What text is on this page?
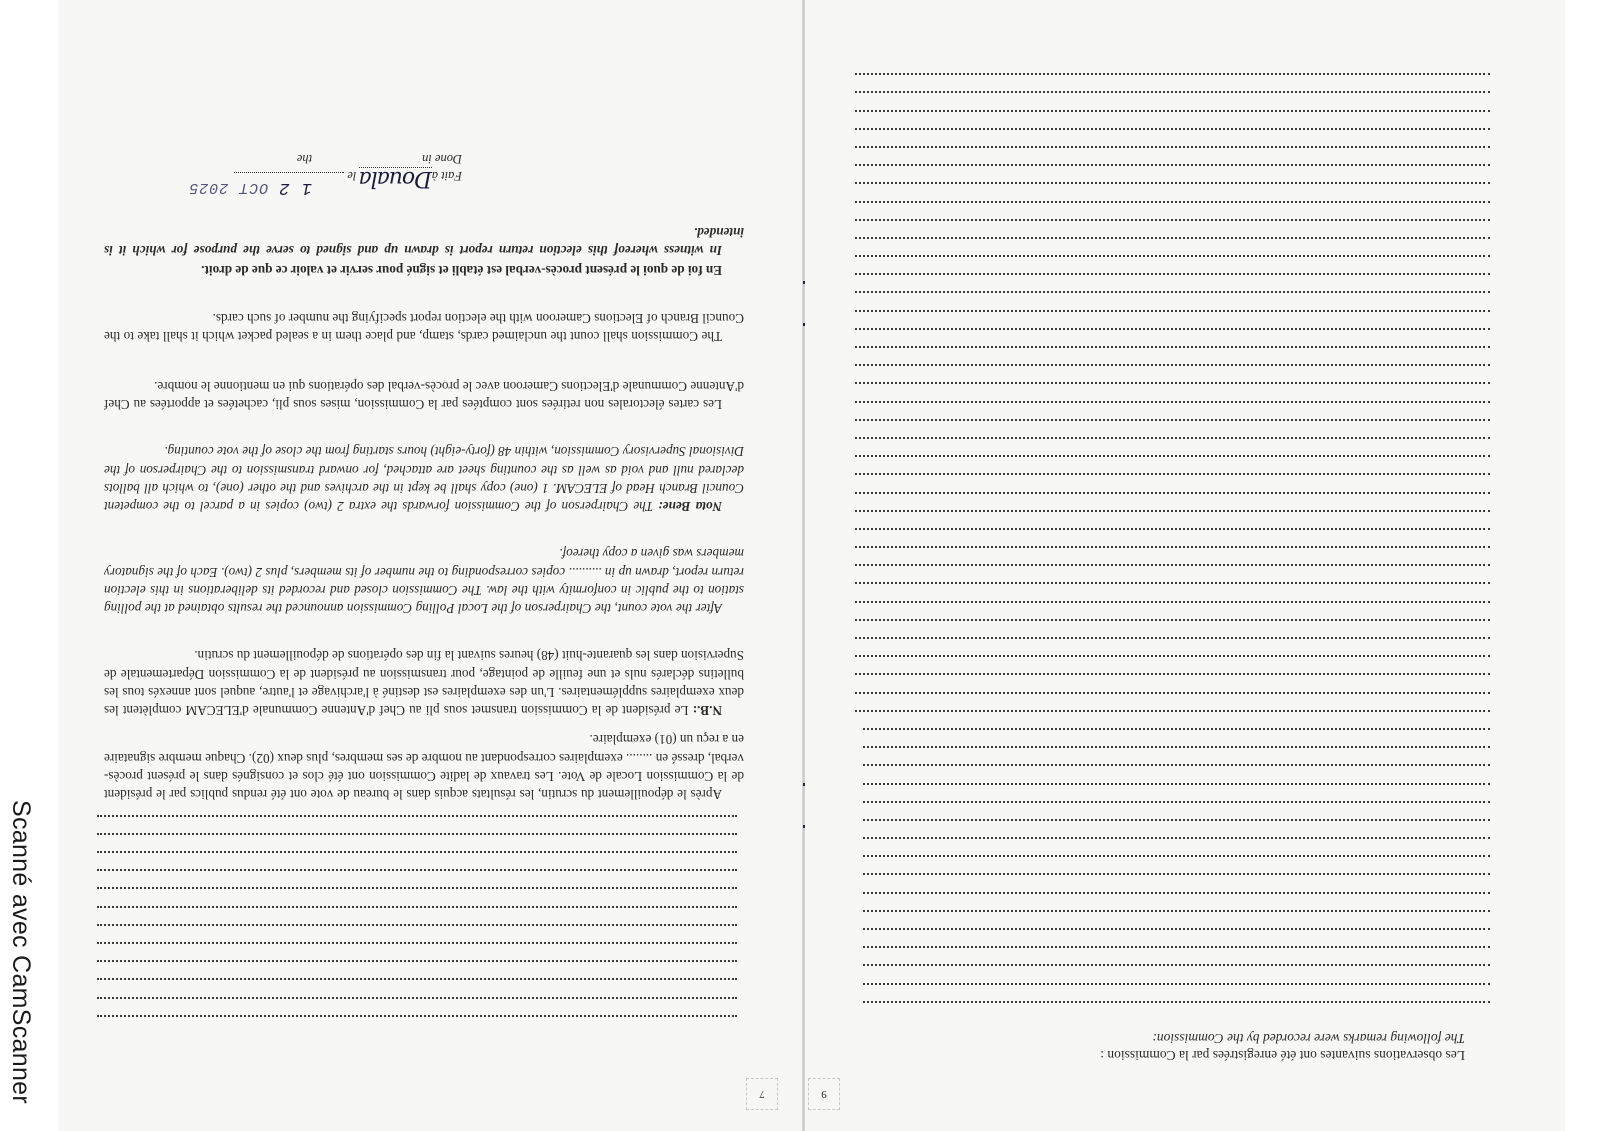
Scanné avec CamScanner	9
Les observations suivantes ont été enregistrées par la Commission :
The following remarks were recorded by the Commission:
7
Après le dépouillement du scrutin, les résultats acquis dans le bureau de vote ont été rendus publics par le président de la Commission Locale de Vote. Les travaux de ladite Commission ont été clos et consignés dans le présent procès-verbal, dressé en ........ exemplaires correspondant au nombre de ses membres, plus deux (02). Chaque membre signataire en a reçu un (01) exemplaire.
N.B.: Le président de la Commission transmet sous pli au Chef d'Antenne Communale d'ELECAM complètent les deux exemplaires supplémentaires. L'un des exemplaires est destiné à l'archivage et l'autre, auquel sont annexés tous les bulletins déclarés nuls et une feuille de pointage, pour transmission au président de la Commission Départementale de Supervision dans les quarante-huit (48) heures suivant la fin des opérations de dépouillement du scrutin.
After the vote count, the Chairperson of the Local Polling Commission announced the results obtained at the polling station to the public in conformity with the law. The Commission closed and recorded its deliberations in this election return report, drawn up in .......... copies corresponding to the number of its members, plus 2 (two). Each of the signatory members was given a copy thereof.
Nota Bene: The Chairperson of the Commission forwards the extra 2 (two) copies in a parcel to the competent Council Branch Head of ELECAM. 1 (one) copy shall be kept in the archives and the other (one), to which all ballots declared null and void as well as the counting sheet are attached, for onward transmission to the Chairperson of the Divisional Supervisory Commission, within 48 (forty-eight) hours starting from the close of the vote counting.
Les cartes électorales non retirées sont comptées par la Commission, mises sous pli, cachetées et apportées au Chef d'Antenne Communale d'Elections Cameroon avec le procès-verbal des opérations qui en mentionne le nombre.
The Commission shall count the unclaimed cards, stamp, and place them in a sealed packet which it shall take to the Council Branch of Elections Cameroon with the election report specifying the number of such cards.
En foi de quoi le présent procès-verbal est établi et signé pour servir et valoir ce que de droit.
In witness whereof this election return report is drawn up and signed to serve the purpose for which it is intended.
Fait àDouala le
Done in
the
1 2 OCT 2025
